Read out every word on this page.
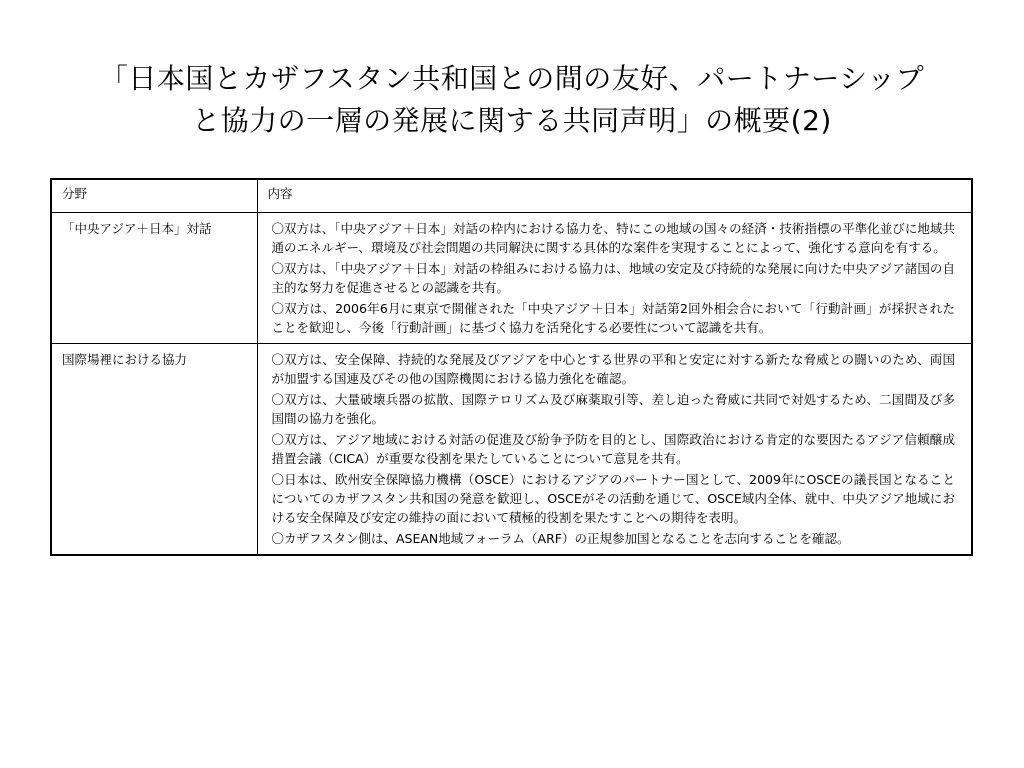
「日本国とカザフスタン共和国との間の友好、パートナーシップ
と協力の一層の発展に関する共同声明」の概要(2)
分野	内容
「中央アジア＋日本」対話	〇双方は、「中央アジア＋日本」対話の枠内における協力を、特にこの地域の国々の経済・技術指標の平準化並びに地域共通のエネルギー、環境及び社会問題の共同解決に関する具体的な案件を実現することによって、強化する意向を有する。

〇双方は、「中央アジア＋日本」対話の枠組みにおける協力は、地域の安定及び持続的な発展に向けた中央アジア諸国の自主的な努力を促進させるとの認識を共有。

〇双方は、2006年6月に東京で開催された「中央アジア＋日本」対話第2回外相会合において「行動計画」が採択されたことを歓迎し、今後「行動計画」に基づく協力を活発化する必要性について認識を共有。

国際場裡における協力	〇双方は、安全保障、持続的な発展及びアジアを中心とする世界の平和と安定に対する新たな脅威との闘いのため、両国が加盟する国連及びその他の国際機関における協力強化を確認。

〇双方は、大量破壊兵器の拡散、国際テロリズム及び麻薬取引等、差し迫った脅威に共同で対処するため、二国間及び多国間の協力を強化。

〇双方は、アジア地域における対話の促進及び紛争予防を目的とし、国際政治における肯定的な要因たるアジア信頼醸成措置会議（CICA）が重要な役割を果たしていることについて意見を共有。

〇日本は、欧州安全保障協力機構（OSCE）におけるアジアのパートナー国として、2009年にOSCEの議長国となることについてのカザフスタン共和国の発意を歓迎し、OSCEがその活動を通じて、OSCE域内全体、就中、中央アジア地域における安全保障及び安定の維持の面において積極的役割を果たすことへの期待を表明。

〇カザフスタン側は、ASEAN地域フォーラム（ARF）の正規参加国となることを志向することを確認。
